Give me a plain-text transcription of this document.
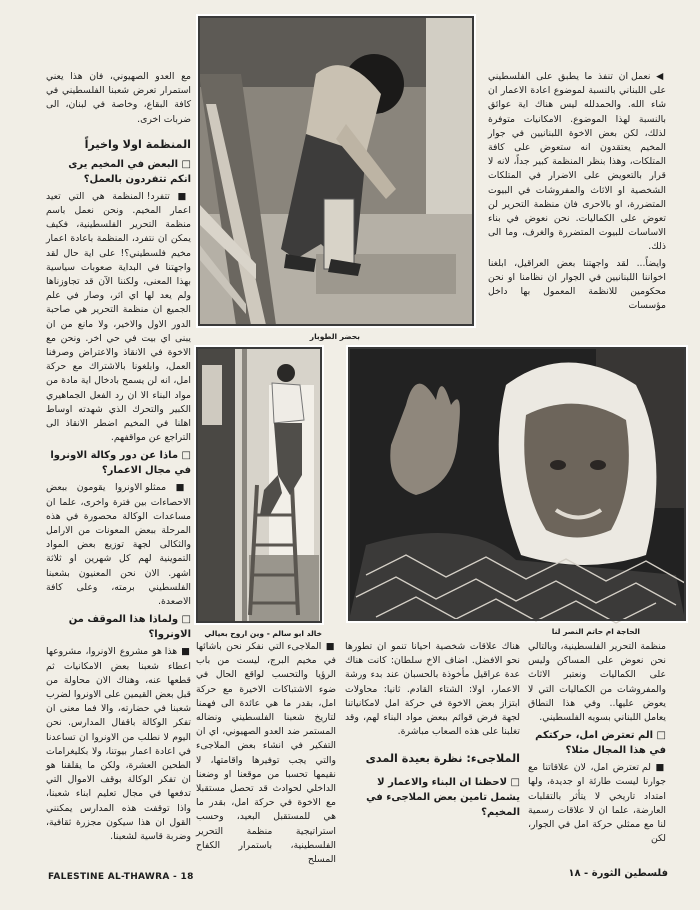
مع العدو الصهيوني، فان هذا يعني استمرار تعرض شعبنا الفلسطيني في كافة البقاع، وخاصة في لبنان، الى ضربات اخرى.

المنظمة اولا واخيراً
□ البعض في المخيم يرى انكم تتفردون بالعمل؟

■ تتفرد! المنظمة هي التي تعيد اعمار المخيم. ونحن نعمل باسم منظمة التحرير الفلسطينية، فكيف يمكن ان نتفرد، المنظمة باعادة اعمار مخيم فلسطيني؟! على اية حال لقد واجهتنا في البداية صعوبات سياسية بهذا المعنى، ولكننا الآن قد تجاوزناها ولم يعد لها اي اثر، وصار في علم الجميع ان منظمة التحرير هي صاحبة الدور الاول والاخير، ولا مانع من ان يبنى اي بيت في حي اخر. ونحن مع الاخوة في الانقاذ والاعتراض وصرفنا العمل، وابلغونا بالاشتراك مع حركة امل، انه لن يسمح بادخال اية مادة من مواد البناء الا ان رد الفعل الجماهيري الكبير والتحرك الذي شهدته اوساط اهلنا في المخيم اضطر الانقاذ الى التراجع عن مواقفهم.

□ ماذا عن دور وكالة الاونروا في مجال الاعمار؟

■ ممثلو الاونروا يقومون ببعض الاحصاءات بين فترة واخرى، علما ان مساعدات الوكالة محصورة في هذه المرحلة ببعض المعونات من الارامل والثكالى لجهة توزيع بعض المواد التموينية لهم كل شهرين او ثلاثة اشهر. الان نحن المعنيون بشعبنا الفلسطيني برمته، وعلى كافة الاصعدة.

□ ولماذا هذا الموقف من الاونروا؟

■ هذا هو مشروع الاونروا، مشروعها اعطاء شعبنا بعض الامكانيات ثم قطعها عنه، وهناك الان محاولة من قبل بعض القيمين على الاونروا لضرب شعبنا في حضارته، والا فما معنى ان تفكر الوكالة باقفال المدارس. نحن اليوم لا نطلب من الاونروا ان تساعدنا في اعادة اعمار بيوتنا، ولا بكليغرامات الطحين العشرة، ولكن ما يقلقنا هو ان تفكر الوكالة بوقف الاموال التي تدفعها في مجال تعليم ابناء شعبنا، واذا توقفت هذه المدارس يمكنني القول ان هذا سيكون مجزرة ثقافية، وضربة قاسية لشعبنا.

بحضر الطوبار

◀ نعمل ان تنفذ ما يطبق على الفلسطيني على اللبناني بالنسبة لموضوع اعادة الاعمار ان شاء الله. والحمدلله ليس هناك اية عوائق بالنسبة لهذا الموضوع. الامكانيات متوفرة لذلك، لكن بعض الاخوة اللبنانيين في جوار المخيم يعتقدون انه ستعوض على كافة المتلكات، وهذا بنظر المنظمة كبير جداً، لانه لا قرار بالتعويض على الاضرار في المتلكات الشخصية او الاثاث والمفروشات في البيوت المتضررة، او بالاحرى فان منظمة التحرير لن تعوض على الكماليات. نحن نعوض في بناء الاساسات للبيوت المتضررة والغرف، وما الى ذلك.

وايضاً... لقد واجهتنا بعض العراقيل، ابلغنا اخواننا اللبنانيين في الجوار ان نظامنا او نحن محكومين للانظمة المعمول بها داخل مؤسسات

خالد ابو سالم - وين اروح بعيالي	الحاجة ام حاتم النصر لنا

منظمة التحرير الفلسطينية، وبالتالي نحن نعوض على المساكن وليس على الكماليات ونعتبر الاثاث والمفروشات من الكماليات التي لا يعوض عليها.. وفي هذا النطاق يعامل اللبناني بسويه الفلسطيني.

□ الم تعترض امل، حركتكم في هذا المجال مثلا؟

■ لم تعترض امل، لان علاقاتنا مع جوارنا ليست طارئة او جديدة، ولها امتداد تاريخي لا يتأثر بالتقلبات العارضة، علما ان لا علاقات رسمية لنا مع ممثلي حركة امل في الجوار، لكن

هناك علاقات شخصية احيانا تنمو ان تطورها نحو الافضل. اضاف الاخ سلطان: كانت هناك عدة عراقيل مأخوذة بالحسبان عند بدء ورشة الاعمار، اولا: الشتاء القادم. ثانيا: محاولات ابتزاز بعض الاخوة في حركة امل لامكانياتنا لجهة فرض قوائم ببعض مواد البناء لهم، وقد تغلبنا على هذه الصعاب مباشرة.

الملاجىء: نظرة بعيدة المدى
□ لاحظنا ان البناء والاعمار لا يشمل تامين بعض الملاجىء في المخيم؟

■ الملاجىء التي نفكر نحن باشائها في مخيم البرج، ليست من باب الرؤيا والتحسب لواقع الحال في ضوء الاشتباكات الاخيرة مع حركة امل، بقدر ما هي عائدة الى فهمنا لتاريخ شعبنا الفلسطيني ونضاله المستمر ضد العدو الصهيوني، اي ان التفكير في انشاء بعض الملاجىء والتي يجب توفيرها واقامتها، لا نقيمها تحسبا من موقعنا او وضعنا الداخلي لحوادث قد تحصل مستقبلا مع الاخوة في حركة امل، بقدر ما هي للمستقبل البعيد، وحسب استراتيجية منظمة التحرير الفلسطينية، باستمرار الكفاح المسلح

FALESTINE AL-THAWRA - 18	فلسطين الثورة - ١٨
